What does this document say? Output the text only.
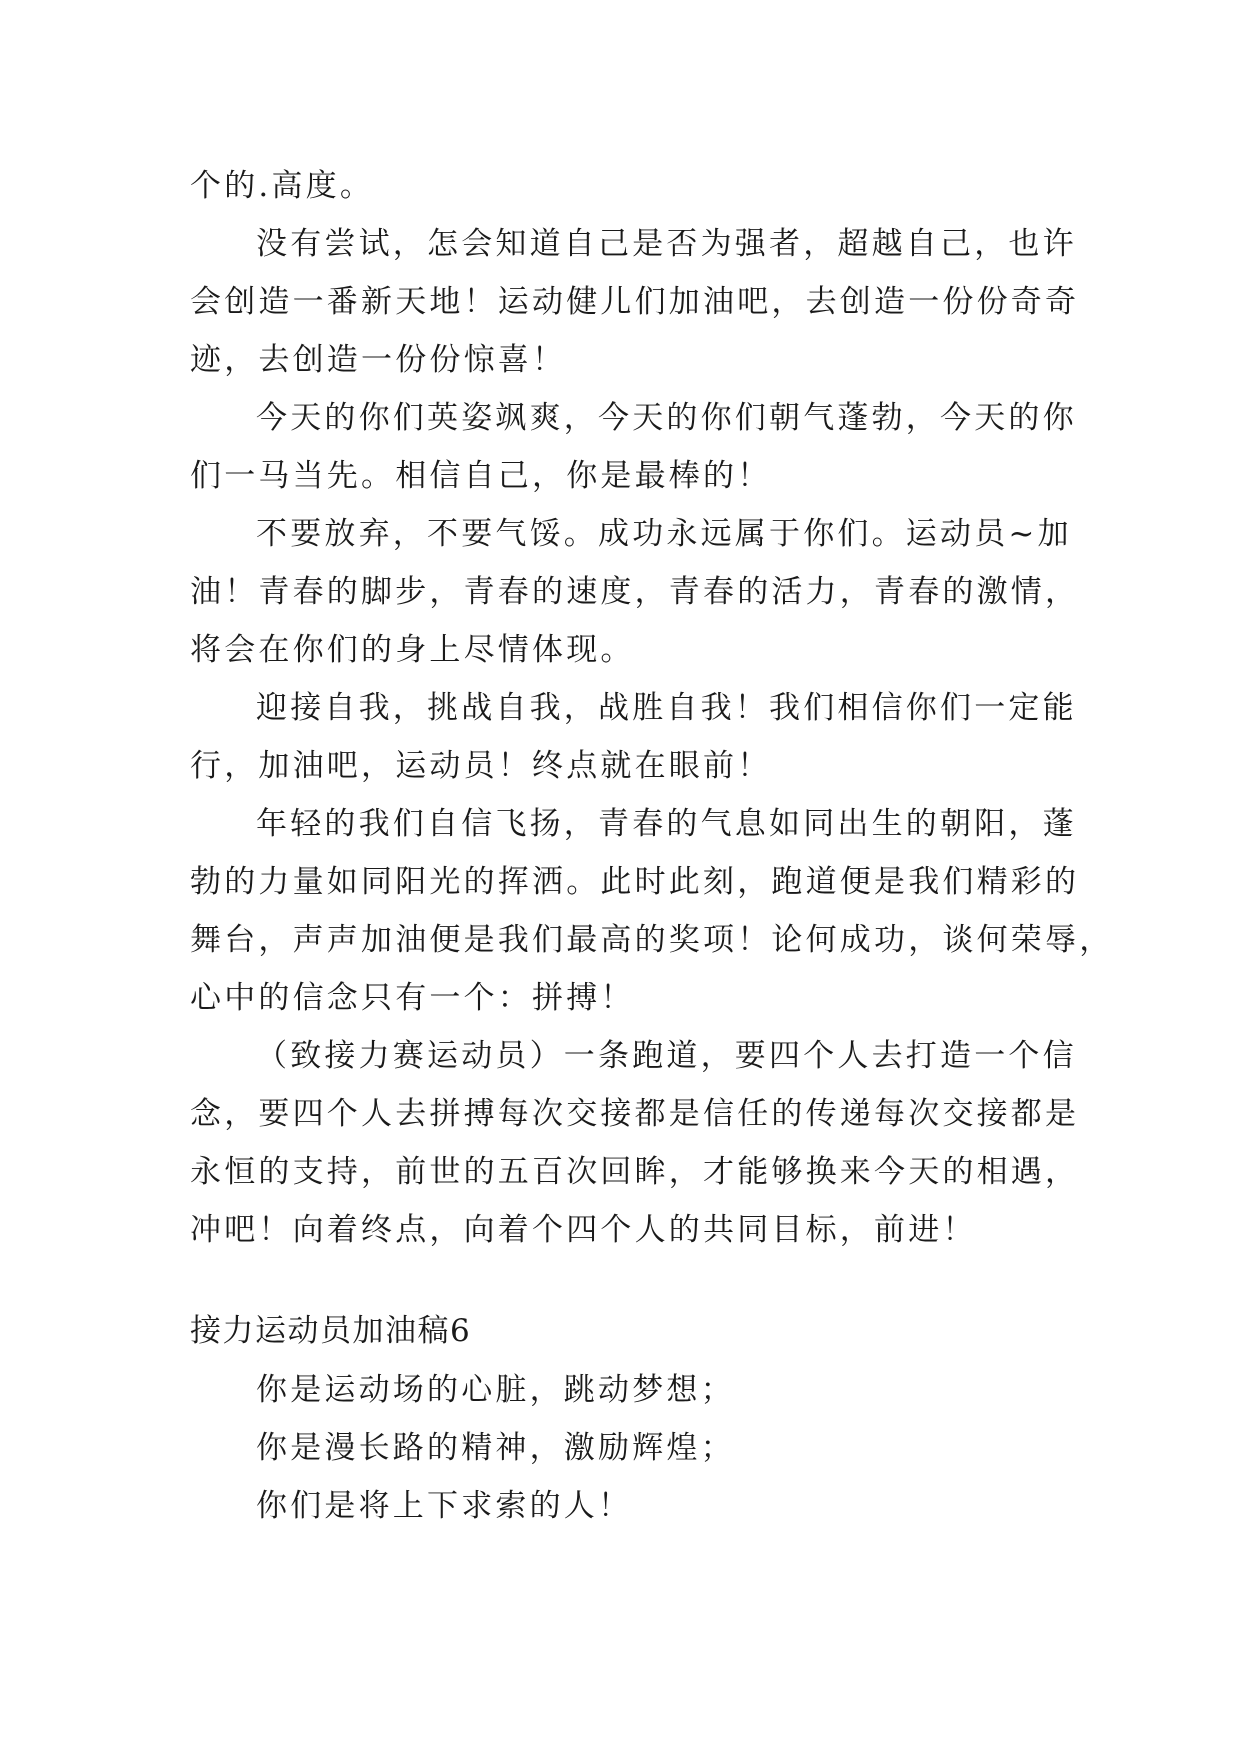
个的.高度。

没有尝试，怎会知道自己是否为强者，超越自己，也许

会创造一番新天地！运动健儿们加油吧，去创造一份份奇奇

迹，去创造一份份惊喜！

今天的你们英姿飒爽，今天的你们朝气蓬勃，今天的你

们一马当先。相信自己，你是最棒的！

不要放弃，不要气馁。成功永远属于你们。运动员~加

油！青春的脚步，青春的速度，青春的活力，青春的激情，

将会在你们的身上尽情体现。

迎接自我，挑战自我，战胜自我！我们相信你们一定能

行，加油吧，运动员！终点就在眼前！

年轻的我们自信飞扬，青春的气息如同出生的朝阳，蓬

勃的力量如同阳光的挥洒。此时此刻，跑道便是我们精彩的

舞台，声声加油便是我们最高的奖项！论何成功，谈何荣辱，

心中的信念只有一个：拼搏！

（致接力赛运动员）一条跑道，要四个人去打造一个信

念，要四个人去拼搏每次交接都是信任的传递每次交接都是

永恒的支持，前世的五百次回眸，才能够换来今天的相遇，

冲吧！向着终点，向着个四个人的共同目标，前进！

接力运动员加油稿6

你是运动场的心脏，跳动梦想；

你是漫长路的精神，激励辉煌；

你们是将上下求索的人！
